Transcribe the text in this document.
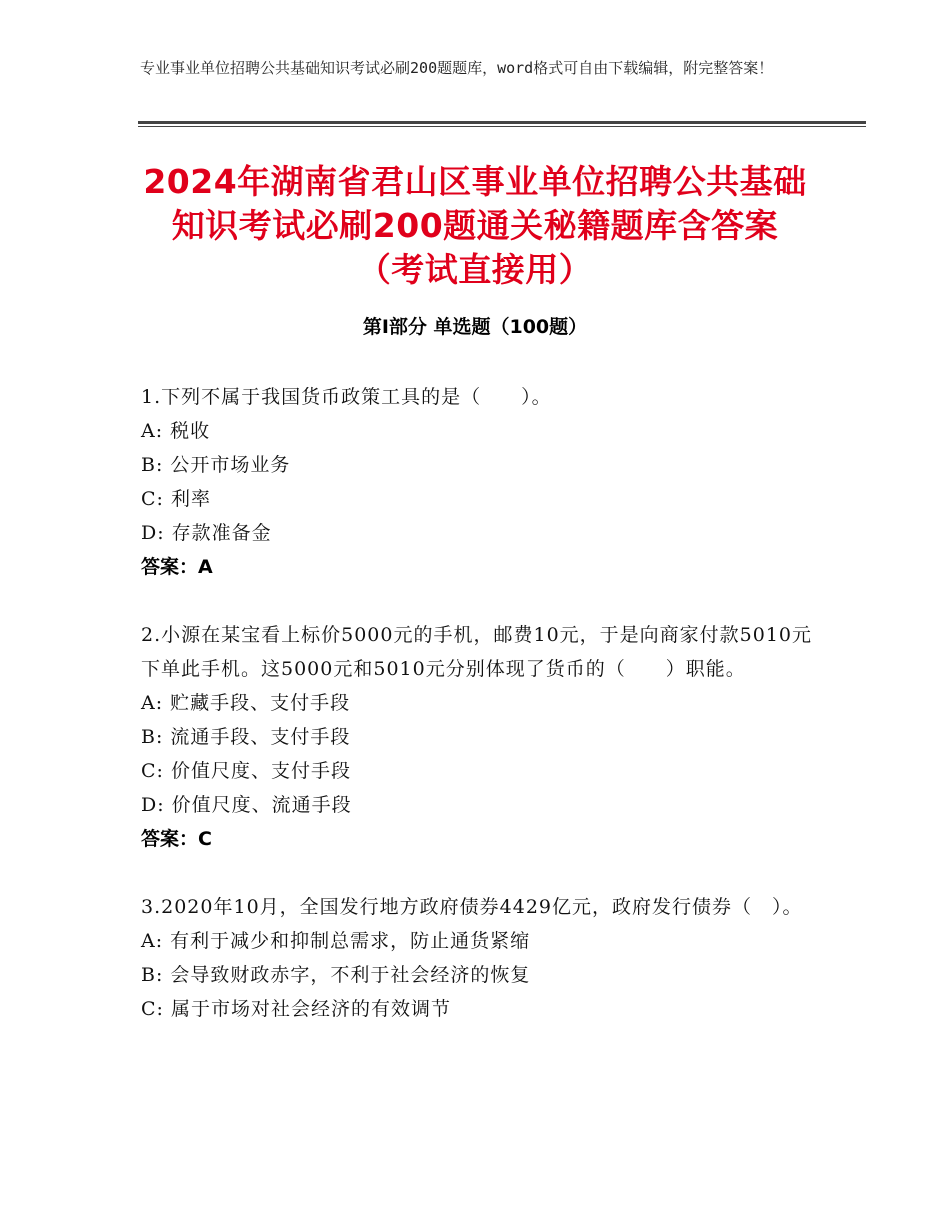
专业事业单位招聘公共基础知识考试必刷200题题库，word格式可自由下载编辑，附完整答案！
2024年湖南省君山区事业单位招聘公共基础
知识考试必刷200题通关秘籍题库含答案
（考试直接用）
第Ⅰ部分 单选题（100题）
1.下列不属于我国货币政策工具的是（　　）。
A: 税收
B: 公开市场业务
C: 利率
D: 存款准备金
答案：A
2.小源在某宝看上标价5000元的手机，邮费10元，于是向商家付款5010元下单此手机。这5000元和5010元分别体现了货币的（　　）职能。
A: 贮藏手段、支付手段
B: 流通手段、支付手段
C: 价值尺度、支付手段
D: 价值尺度、流通手段
答案：C
3.2020年10月，全国发行地方政府债券4429亿元，政府发行债券（　）。
A: 有利于减少和抑制总需求，防止通货紧缩
B: 会导致财政赤字，不利于社会经济的恢复
C: 属于市场对社会经济的有效调节
